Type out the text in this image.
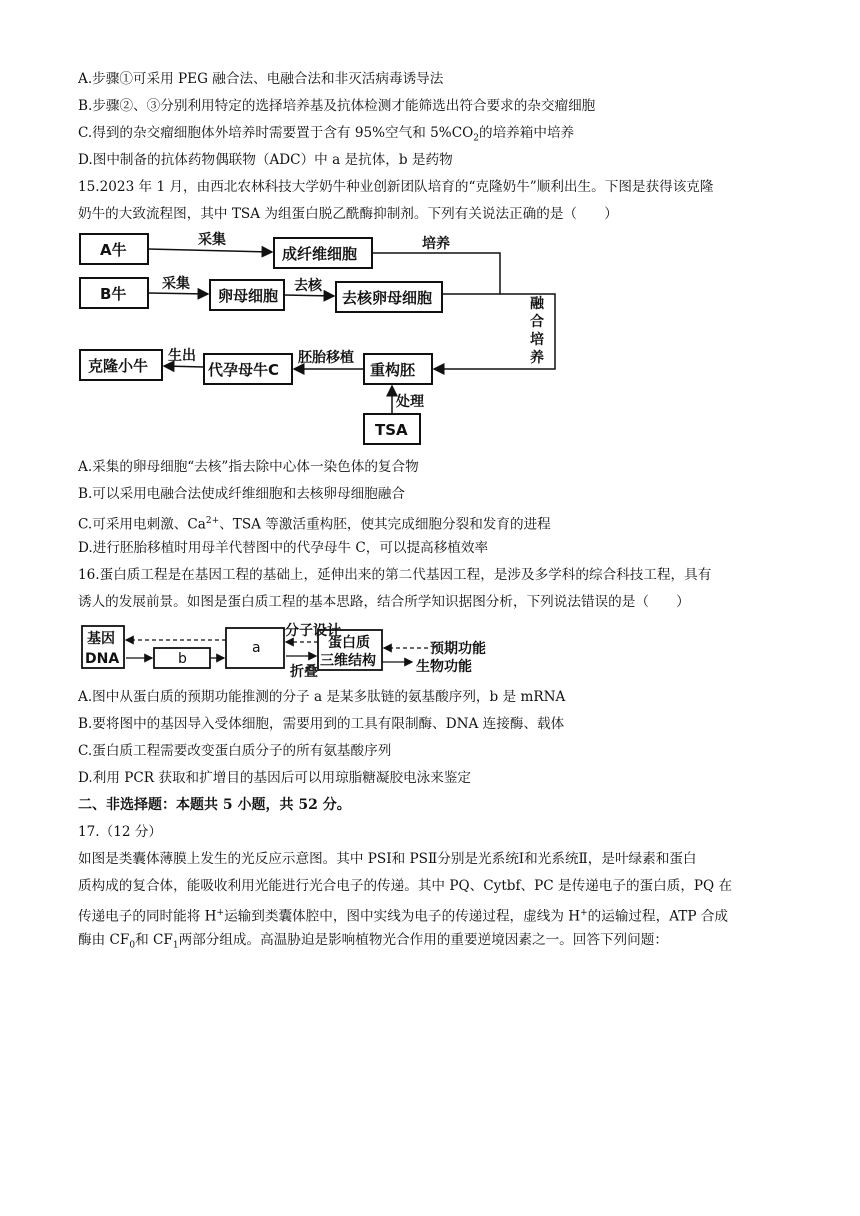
A.步骤①可采用 PEG 融合法、电融合法和非灭活病毒诱导法
B.步骤②、③分别利用特定的选择培养基及抗体检测才能筛选出符合要求的杂交瘤细胞
C.得到的杂交瘤细胞体外培养时需要置于含有 95%空气和 $5\%CO_2$的培养箱中培养
D.图中制备的抗体药物偶联物（ADC）中 a 是抗体，b 是药物
15.2023 年 1 月，由西北农林科技大学奶牛种业创新团队培育的“克隆奶牛”顺利出生。下图是获得该克隆
奶牛的大致流程图，其中 TSA 为组蛋白脱乙酰酶抑制剂。下列有关说法正确的是（　　）
A牛
B牛
采集
成纤维细胞
培养
采集
卵母细胞
去核
去核卵母细胞	融
合
培
养
克隆小牛
生出
代孕母牛C
胚胎移植
重构胚
处理
TSA
A.采集的卵母细胞“去核”指去除中心体一染色体的复合物
B.可以采用电融合法使成纤维细胞和去核卵母细胞融合
C.可采用电刺激、$Ca^{2+}$、TSA 等激活重构胚，使其完成细胞分裂和发育的进程
D.进行胚胎移植时用母羊代替图中的代孕母牛 C，可以提高移植效率
16.蛋白质工程是在基因工程的基础上，延伸出来的第二代基因工程，是涉及多学科的综合科技工程，具有
诱人的发展前景。如图是蛋白质工程的基本思路，结合所学知识据图分析，下列说法错误的是（　　）
基因
DNA	b
a
分子设计
折叠
蛋白质
三维结构
预期功能
生物功能
A.图中从蛋白质的预期功能推测的分子 a 是某多肽链的氨基酸序列，b 是 mRNA
B.要将图中的基因导入受体细胞，需要用到的工具有限制酶、DNA 连接酶、载体
C.蛋白质工程需要改变蛋白质分子的所有氨基酸序列
D.利用 PCR 获取和扩增目的基因后可以用琼脂糖凝胶电泳来鉴定
二、非选择题：本题共 5 小题，共 52 分。
17.（12 分）
如图是类囊体薄膜上发生的光反应示意图。其中 PSⅠ和 PSⅡ分别是光系统Ⅰ和光系统Ⅱ，是叶绿素和蛋白
质构成的复合体，能吸收利用光能进行光合电子的传递。其中 PQ、Cytbf、PC 是传递电子的蛋白质，PQ 在
传递电子的同时能将 H+运输到类囊体腔中，图中实线为电子的传递过程，虚线为 H+的运输过程，ATP 合成
酶由 $CF_0$和 $CF_1$两部分组成。高温胁迫是影响植物光合作用的重要逆境因素之一。回答下列问题：
